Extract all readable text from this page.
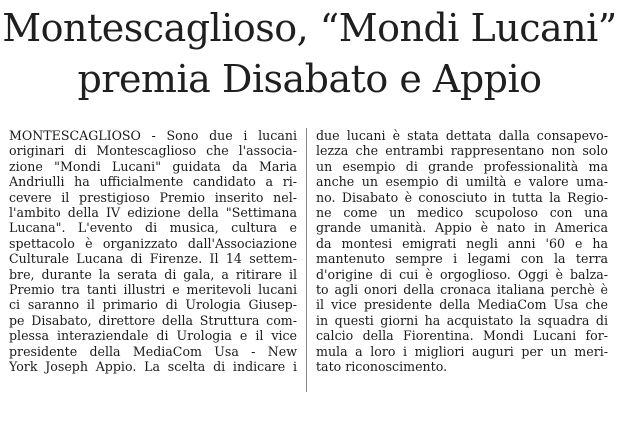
Montescaglioso, “Mondi Lucani”
premia Disabato e Appio
MONTESCAGLIOSO - Sono due i lucani
originari di Montescaglioso che l'associa-
zione "Mondi Lucani" guidata da Maria
Andriulli ha ufficialmente candidato a ri-
cevere il prestigioso Premio inserito nel-
l'ambito della IV edizione della "Settimana
Lucana". L'evento di musica, cultura e
spettacolo è organizzato dall'Associazione
Culturale Lucana di Firenze. Il 14 settem-
bre, durante la serata di gala, a ritirare il
Premio tra tanti illustri e meritevoli lucani
ci saranno il primario di Urologia Giusep-
pe Disabato, direttore della Struttura com-
plessa interaziendale di Urologia e il vice
presidente della MediaCom Usa - New
York Joseph Appio. La scelta di indicare i
due lucani è stata dettata dalla consapevo-
lezza che entrambi rappresentano non solo
un esempio di grande professionalità ma
anche un esempio di umiltà e valore uma-
no. Disabato è conosciuto in tutta la Regio-
ne come un medico scupoloso con una
grande umanità. Appio è nato in America
da montesi emigrati negli anni '60 e ha
mantenuto sempre i legami con la terra
d'origine di cui è orgoglioso. Oggi è balza-
to agli onori della cronaca italiana perchè è
il vice presidente della MediaCom Usa che
in questi giorni ha acquistato la squadra di
calcio della Fiorentina. Mondi Lucani for-
mula a loro i migliori auguri per un meri-
tato riconoscimento.
